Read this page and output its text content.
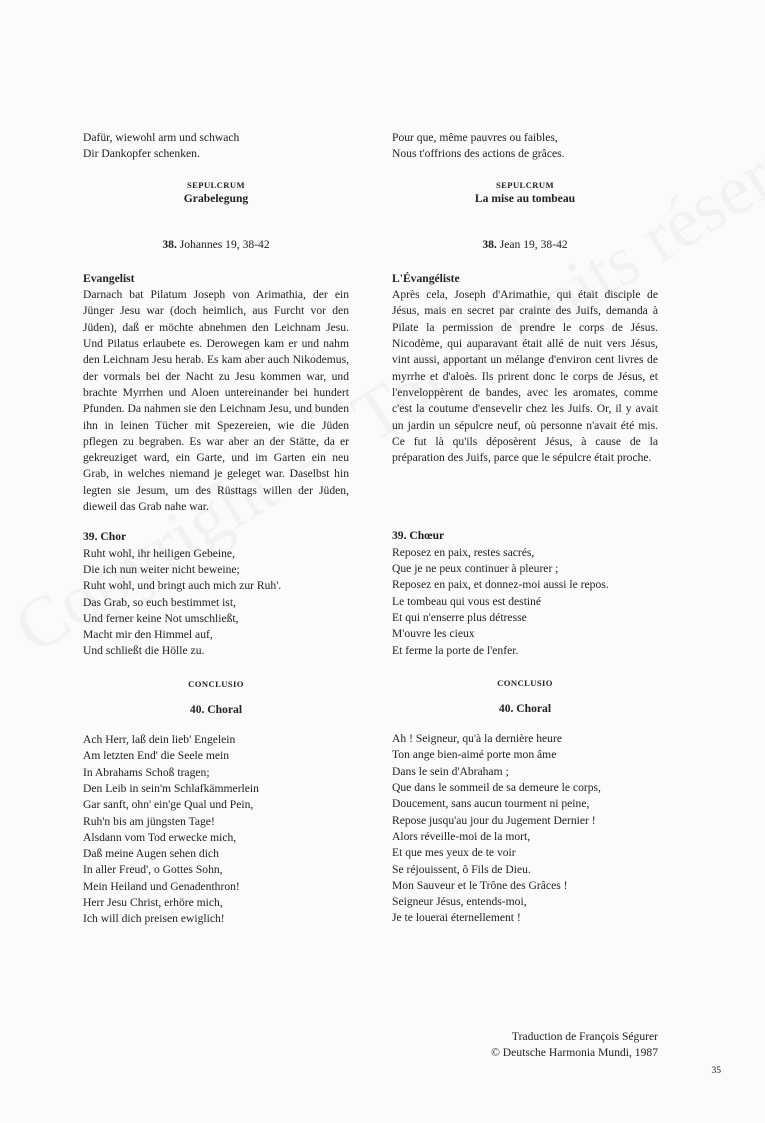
Dafür, wiewohl arm und schwach
Dir Dankopfer schenken.
SEPULCRUM
Grabelegung
38. Johannes 19, 38-42
Evangelist
Darnach bat Pilatum Joseph von Arimathia, der ein Jünger Jesu war (doch heimlich, aus Furcht vor den Jüden), daß er möchte abnehmen den Leichnam Jesu. Und Pilatus erlaubete es. Derowegen kam er und nahm den Leichnam Jesu herab. Es kam aber auch Nikodemus, der vormals bei der Nacht zu Jesu kommen war, und brachte Myrrhen und Aloen untereinander bei hundert Pfunden. Da nahmen sie den Leichnam Jesu, und bunden ihn in leinen Tücher mit Spezereien, wie die Jüden pflegen zu begraben. Es war aber an der Stätte, da er gekreuziget ward, ein Garte, und im Garten ein neu Grab, in welches niemand je geleget war. Daselbst hin legten sie Jesum, um des Rüsttags willen der Jüden, dieweil das Grab nahe war.
39. Chor
Ruht wohl, ihr heiligen Gebeine,
Die ich nun weiter nicht beweine;
Ruht wohl, und bringt auch mich zur Ruh'.
Das Grab, so euch bestimmet ist,
Und ferner keine Not umschließt,
Macht mir den Himmel auf,
Und schließt die Hölle zu.
CONCLUSIO
40. Choral
Ach Herr, laß dein lieb' Engelein
Am letzten End' die Seele mein
In Abrahams Schoß tragen;
Den Leib in sein'm Schlafkämmerlein
Gar sanft, ohn' ein'ge Qual und Pein,
Ruh'n bis am jüngsten Tage!
Alsdann vom Tod erwecke mich,
Daß meine Augen sehen dich
In aller Freud', o Gottes Sohn,
Mein Heiland und Genadenthron!
Herr Jesu Christ, erhöre mich,
Ich will dich preisen ewiglich!
Pour que, même pauvres ou faibles,
Nous t'offrions des actions de grâces.
SEPULCRUM
La mise au tombeau
38. Jean 19, 38-42
L'Évangéliste
Après cela, Joseph d'Arimathie, qui était disciple de Jésus, mais en secret par crainte des Juifs, demanda à Pilate la permission de prendre le corps de Jésus. Nicodème, qui auparavant était allé de nuit vers Jésus, vint aussi, apportant un mélange d'environ cent livres de myrrhe et d'aloès. Ils prirent donc le corps de Jésus, et l'enveloppèrent de bandes, avec les aromates, comme c'est la coutume d'ensevelir chez les Juifs. Or, il y avait un jardin un sépulcre neuf, où personne n'avait été mis. Ce fut là qu'ils déposèrent Jésus, à cause de la préparation des Juifs, parce que le sépulcre était proche.
39. Chœur
Reposez en paix, restes sacrés,
Que je ne peux continuer à pleurer ;
Reposez en paix, et donnez-moi aussi le repos.
Le tombeau qui vous est destiné
Et qui n'enserre plus détresse
M'ouvre les cieux
Et ferme la porte de l'enfer.
CONCLUSIO
40. Choral
Ah ! Seigneur, qu'à la dernière heure
Ton ange bien-aimé porte mon âme
Dans le sein d'Abraham ;
Que dans le sommeil de sa demeure le corps,
Doucement, sans aucun tourment ni peine,
Repose jusqu'au jour du Jugement Dernier !
Alors réveille-moi de la mort,
Et que mes yeux de te voir
Se réjouissent, ô Fils de Dieu.
Mon Sauveur et le Trône des Grâces !
Seigneur Jésus, entends-moi,
Je te louerai éternellement !
Traduction de François Ségurer
© Deutsche Harmonia Mundi, 1987
35
